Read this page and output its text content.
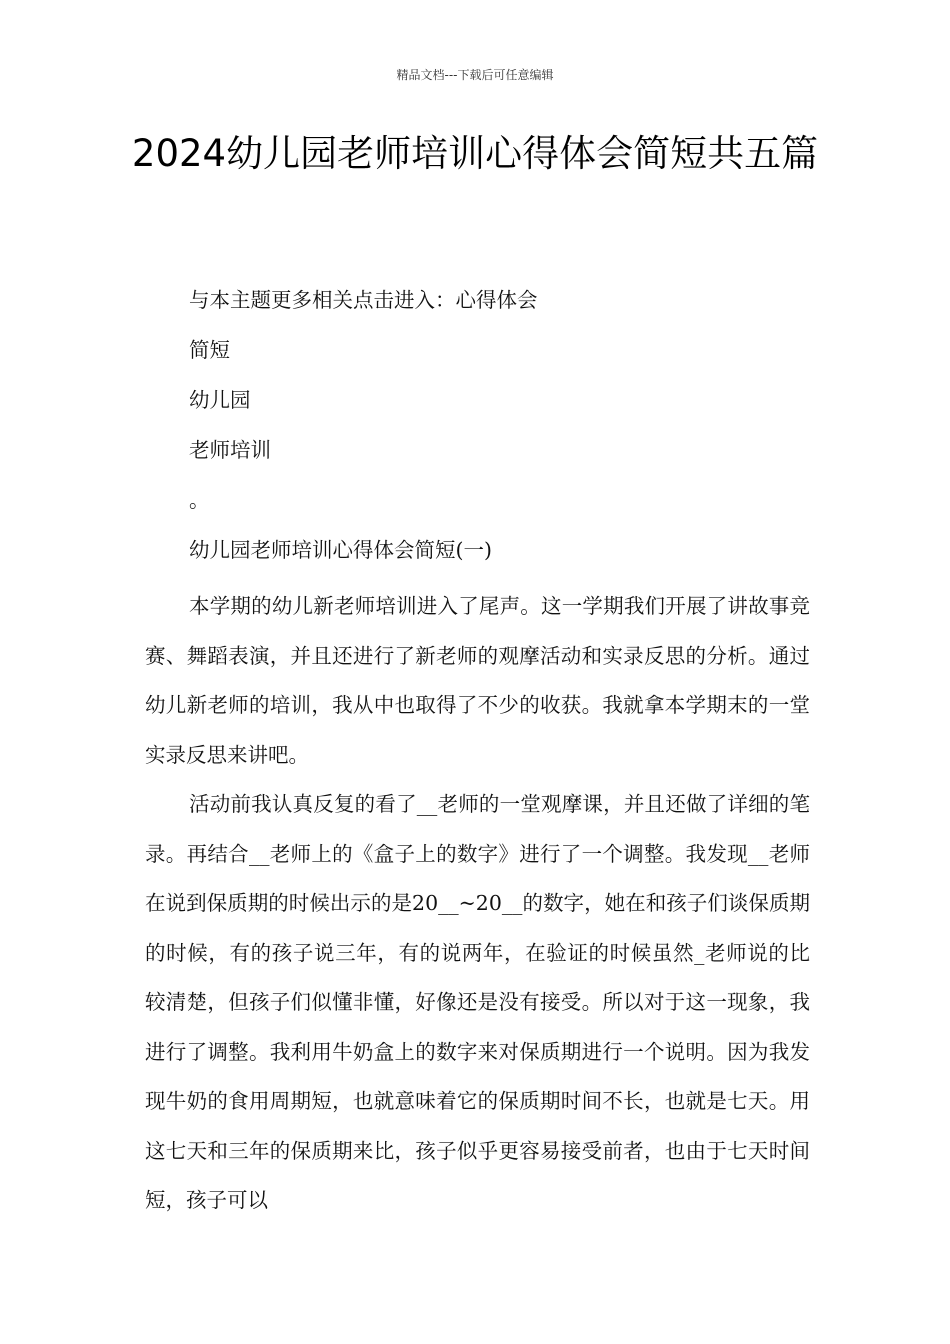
精品文档---下载后可任意编辑
2024幼儿园老师培训心得体会简短共五篇

与本主题更多相关点击进入：心得体会

简短

幼儿园

老师培训

。

幼儿园老师培训心得体会简短(一)

本学期的幼儿新老师培训进入了尾声。这一学期我们开展了讲故事竞赛、舞蹈表演，并且还进行了新老师的观摩活动和实录反思的分析。通过幼儿新老师的培训，我从中也取得了不少的收获。我就拿本学期末的一堂实录反思来讲吧。

活动前我认真反复的看了__老师的一堂观摩课，并且还做了详细的笔录。再结合__老师上的《盒子上的数字》进行了一个调整。我发现__老师在说到保质期的时候出示的是20__~20__的数字，她在和孩子们谈保质期的时候，有的孩子说三年，有的说两年，在验证的时候虽然_老师说的比较清楚，但孩子们似懂非懂，好像还是没有接受。所以对于这一现象，我进行了调整。我利用牛奶盒上的数字来对保质期进行一个说明。因为我发现牛奶的食用周期短，也就意味着它的保质期时间不长，也就是七天。用这七天和三年的保质期来比，孩子似乎更容易接受前者，也由于七天时间短，孩子可以
